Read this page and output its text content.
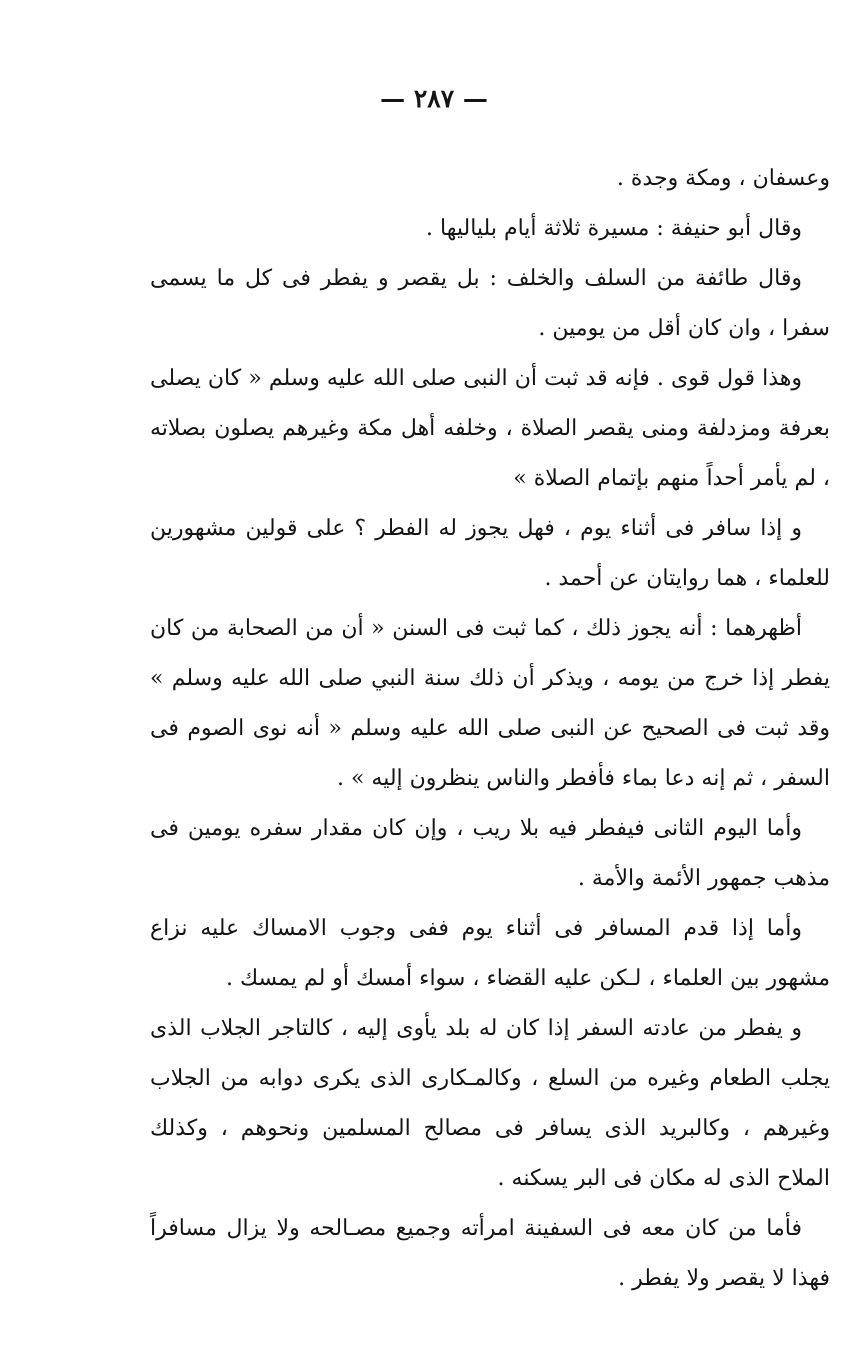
— ٢٨٧ —

وعسفان ، ومكة وجدة .

وقال أبو حنيفة : مسيرة ثلاثة أيام بلياليها .

وقال طائفة من السلف والخلف : بل يقصر و يفطر فى كل ما يسمى سفرا ، وان كان أقل من يومين .

وهذا قول قوى . فإنه قد ثبت أن النبى صلى الله عليه وسلم « كان يصلى بعرفة ومزدلفة ومنى يقصر الصلاة ، وخلفه أهل مكة وغيرهم يصلون بصلاته ، لم يأمر أحداً منهم بإتمام الصلاة »

و إذا سافر فى أثناء يوم ، فهل يجوز له الفطر ؟ على قولين مشهورين للعلماء ، هما روايتان عن أحمد .

أظهرهما : أنه يجوز ذلك ، كما ثبت فى السنن « أن من الصحابة من كان يفطر إذا خرج من يومه ، ويذكر أن ذلك سنة النبي صلى الله عليه وسلم » وقد ثبت فى الصحيح عن النبى صلى الله عليه وسلم « أنه نوى الصوم فى السفر ، ثم إنه دعا بماء فأفطر والناس ينظرون إليه » .

وأما اليوم الثانى فيفطر فيه بلا ريب ، وإن كان مقدار سفره يومين فى مذهب جمهور الأئمة والأمة .

وأما إذا قدم المسافر فى أثناء يوم ففى وجوب الامساك عليه نزاع مشهور بين العلماء ، لـكن عليه القضاء ، سواء أمسك أو لم يمسك .

و يفطر من عادته السفر إذا كان له بلد يأوى إليه ، كالتاجر الجلاب الذى يجلب الطعام وغيره من السلع ، وكالمـكارى الذى يكرى دوابه من الجلاب وغيرهم ، وكالبريد الذى يسافر فى مصالح المسلمين ونحوهم ، وكذلك الملاح الذى له مكان فى البر يسكنه .

فأما من كان معه فى السفينة امرأته وجميع مصـالحه ولا يزال مسافراً فهذا لا يقصر ولا يفطر .
